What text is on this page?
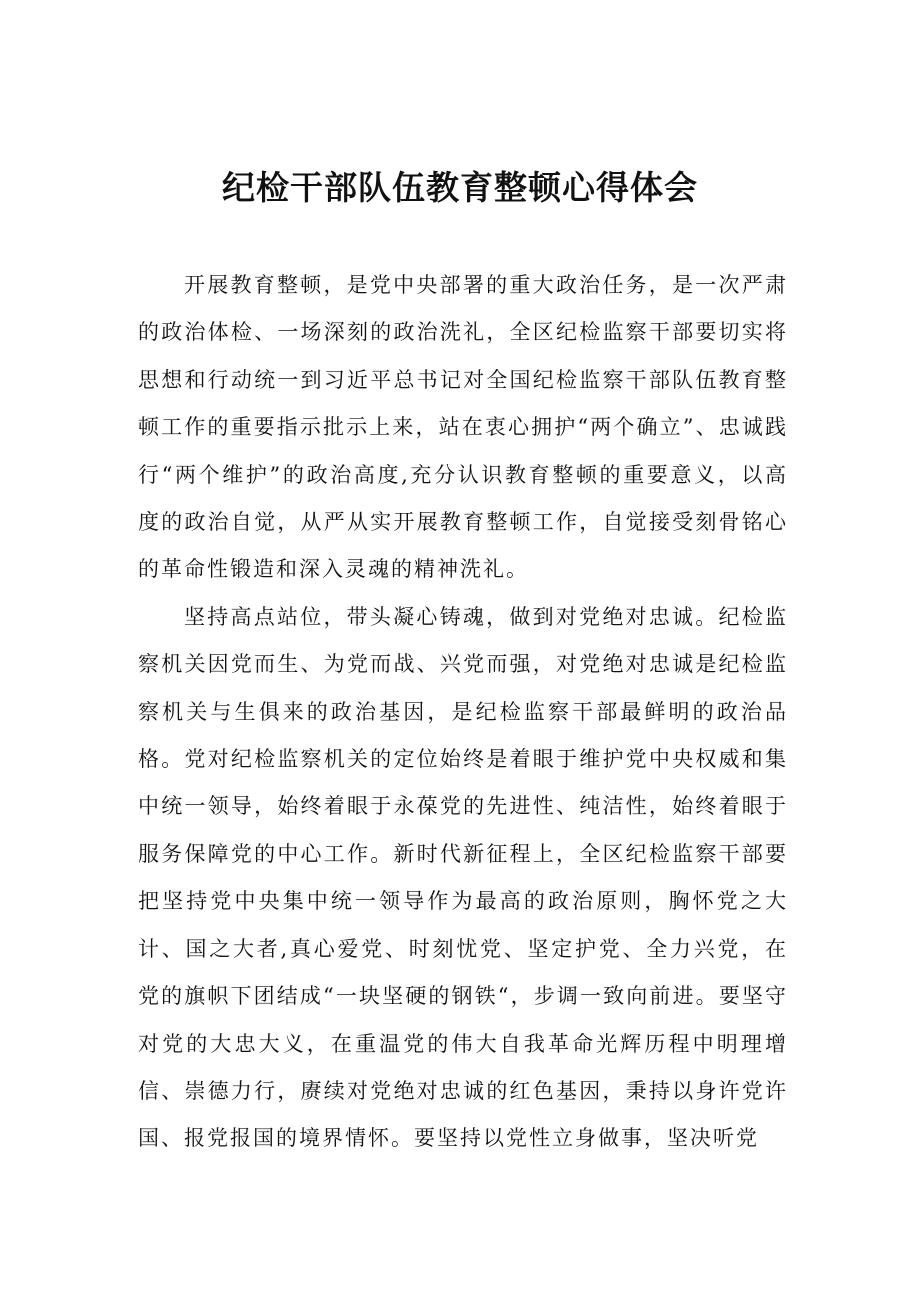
纪检干部队伍教育整顿心得体会

开展教育整顿，是党中央部署的重大政治任务，是一次严肃的政治体检、一场深刻的政治洗礼，全区纪检监察干部要切实将思想和行动统一到习近平总书记对全国纪检监察干部队伍教育整顿工作的重要指示批示上来，站在衷心拥护“两个确立”、忠诚践行“两个维护”的政治高度,充分认识教育整顿的重要意义，以高度的政治自觉，从严从实开展教育整顿工作，自觉接受刻骨铭心的革命性锻造和深入灵魂的精神洗礼。

坚持高点站位，带头凝心铸魂，做到对党绝对忠诚。纪检监察机关因党而生、为党而战、兴党而强，对党绝对忠诚是纪检监察机关与生俱来的政治基因，是纪检监察干部最鲜明的政治品格。党对纪检监察机关的定位始终是着眼于维护党中央权威和集中统一领导，始终着眼于永葆党的先进性、纯洁性，始终着眼于服务保障党的中心工作。新时代新征程上，全区纪检监察干部要把坚持党中央集中统一领导作为最高的政治原则，胸怀党之大计、国之大者,真心爱党、时刻忧党、坚定护党、全力兴党，在党的旗帜下团结成“一块坚硬的钢铁“，步调一致向前进。要坚守对党的大忠大义，在重温党的伟大自我革命光辉历程中明理增信、崇德力行，赓续对党绝对忠诚的红色基因，秉持以身许党许国、报党报国的境界情怀。要坚持以党性立身做事，坚决听党
